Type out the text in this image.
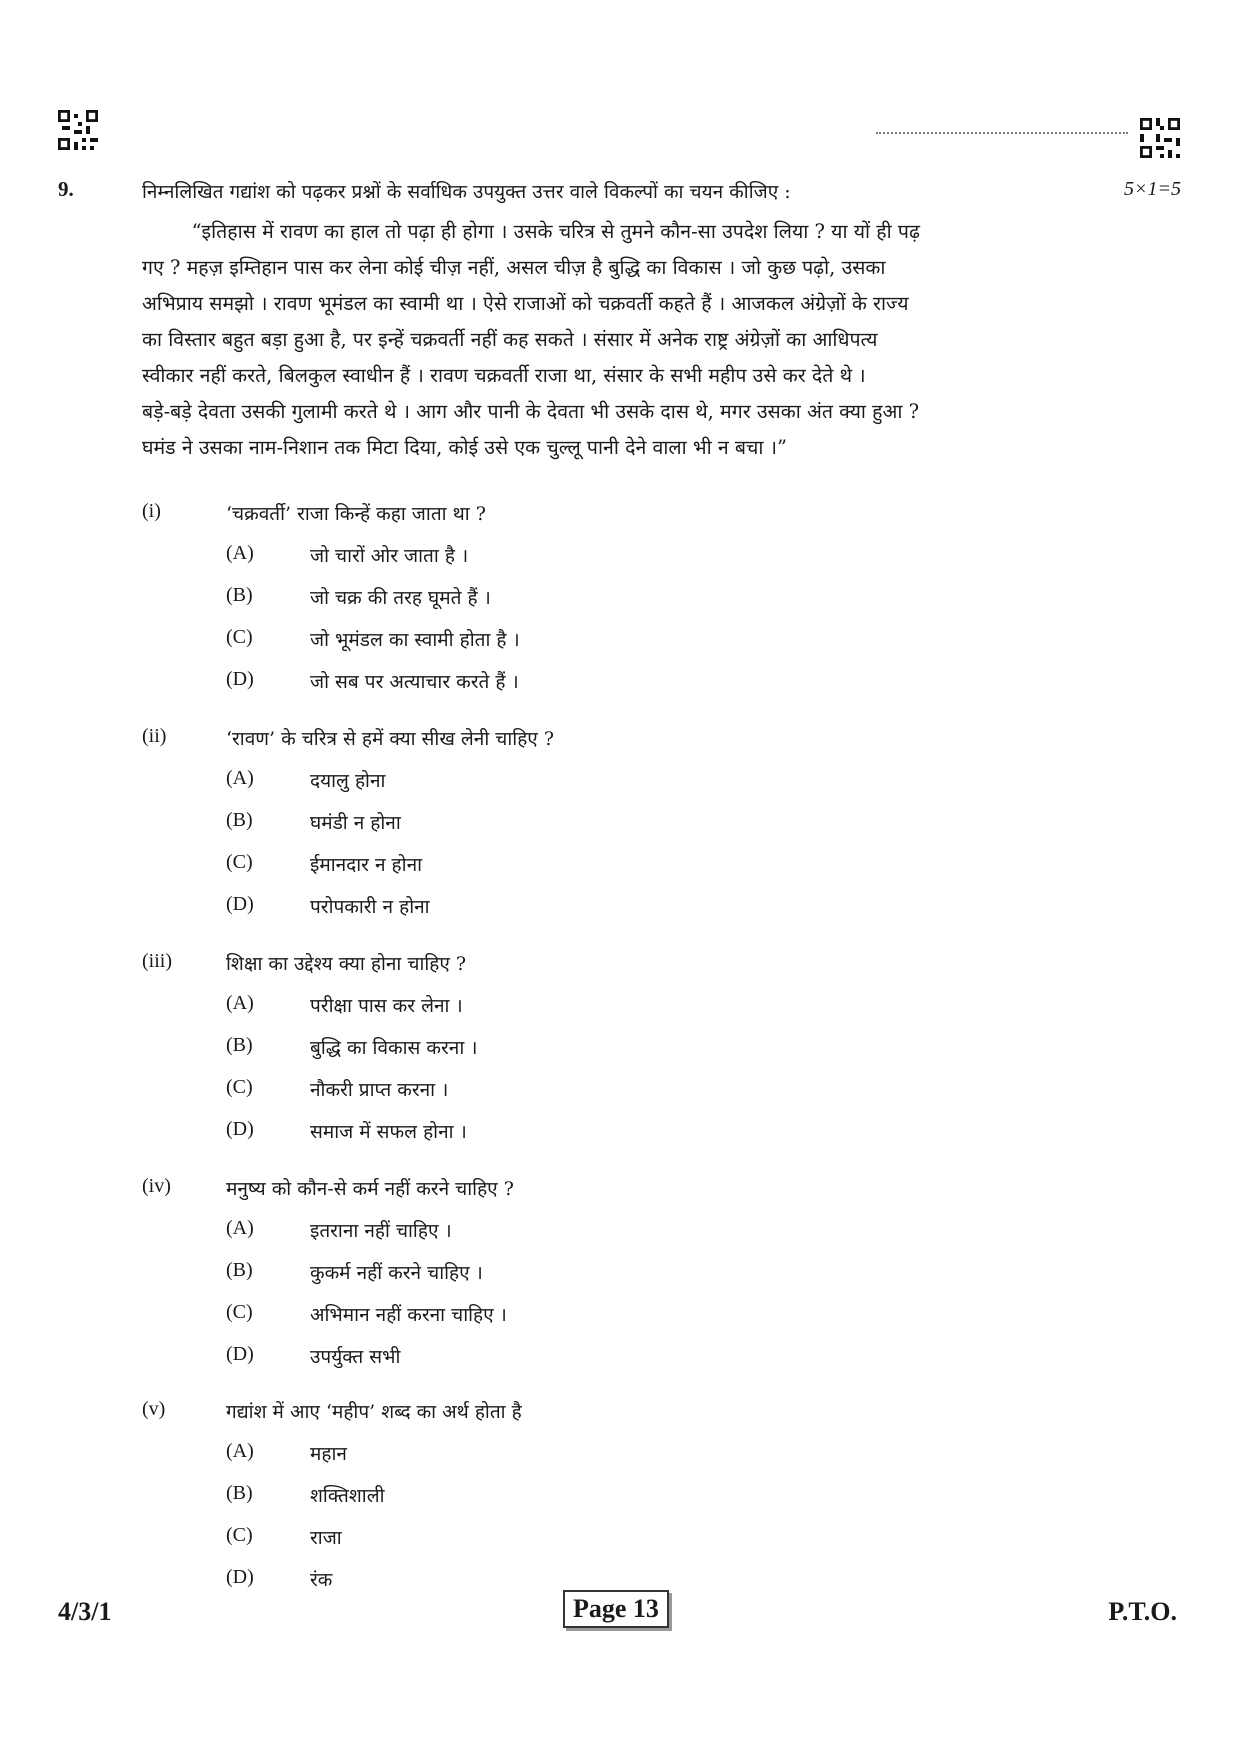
9.	निम्नलिखित गद्यांश को पढ़कर प्रश्नों के सर्वाधिक उपयुक्त उत्तर वाले विकल्पों का चयन कीजिए :	5×1=5
“इतिहास में रावण का हाल तो पढ़ा ही होगा । उसके चरित्र से तुमने कौन-सा उपदेश लिया ? या यों ही पढ़
गए ? महज़ इम्तिहान पास कर लेना कोई चीज़ नहीं, असल चीज़ है बुद्धि का विकास । जो कुछ पढ़ो, उसका
अभिप्राय समझो । रावण भूमंडल का स्वामी था । ऐसे राजाओं को चक्रवर्ती कहते हैं । आजकल अंग्रेज़ों के राज्य
का विस्तार बहुत बड़ा हुआ है, पर इन्हें चक्रवर्ती नहीं कह सकते । संसार में अनेक राष्ट्र अंग्रेज़ों का आधिपत्य
स्वीकार नहीं करते, बिलकुल स्वाधीन हैं । रावण चक्रवर्ती राजा था, संसार के सभी महीप उसे कर देते थे ।
बड़े-बड़े देवता उसकी गुलामी करते थे । आग और पानी के देवता भी उसके दास थे, मगर उसका अंत क्या हुआ ?
घमंड ने उसका नाम-निशान तक मिटा दिया, कोई उसे एक चुल्लू पानी देने वाला भी न बचा ।”
(i)	‘चक्रवर्ती’ राजा किन्हें कहा जाता था ?
(A)	जो चारों ओर जाता है ।
(B)	जो चक्र की तरह घूमते हैं ।
(C)	जो भूमंडल का स्वामी होता है ।
(D)	जो सब पर अत्याचार करते हैं ।
(ii)	‘रावण’ के चरित्र से हमें क्या सीख लेनी चाहिए ?
(A)	दयालु होना
(B)	घमंडी न होना
(C)	ईमानदार न होना
(D)	परोपकारी न होना
(iii)	शिक्षा का उद्देश्य क्या होना चाहिए ?
(A)	परीक्षा पास कर लेना ।
(B)	बुद्धि का विकास करना ।
(C)	नौकरी प्राप्त करना ।
(D)	समाज में सफल होना ।
(iv)	मनुष्य को कौन-से कर्म नहीं करने चाहिए ?
(A)	इतराना नहीं चाहिए ।
(B)	कुकर्म नहीं करने चाहिए ।
(C)	अभिमान नहीं करना चाहिए ।
(D)	उपर्युक्त सभी
(v)	गद्यांश में आए ‘महीप’ शब्द का अर्थ होता है
(A)	महान
(B)	शक्तिशाली
(C)	राजा
(D)	रंक
4/3/1	Page 13	P.T.O.
